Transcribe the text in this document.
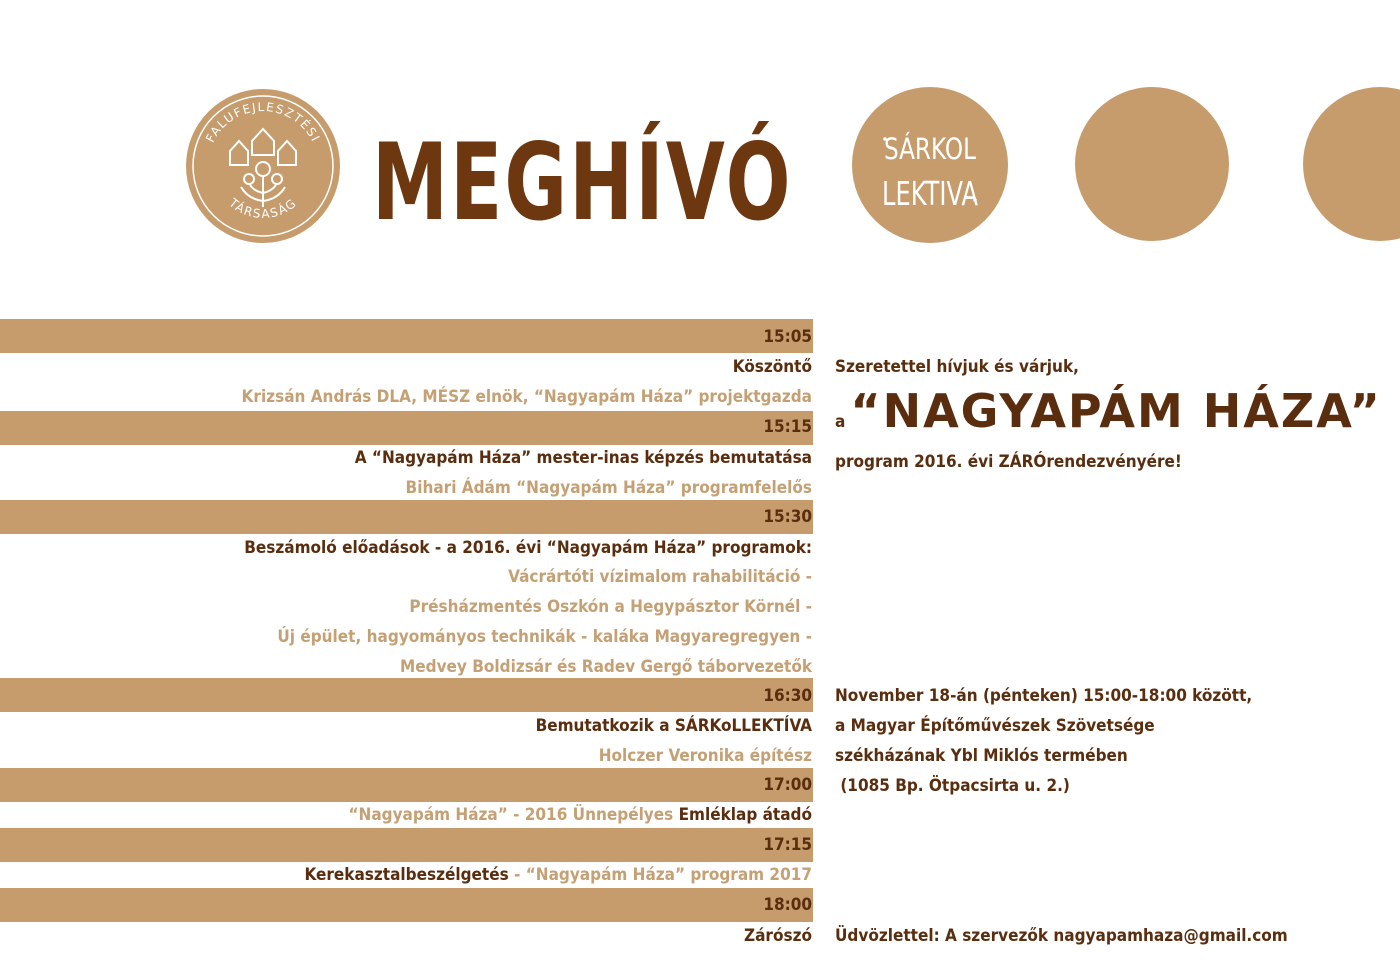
FALUFEJLESZTÉSI
TÁRSASÁG MEGHÍVÓ	SÁRKOL
LEKTIVA
15:05
Köszöntő
Krizsán András DLA, MÉSZ elnök, “Nagyapám Háza” projektgazda
15:15
A “Nagyapám Háza” mester-inas képzés bemutatása
Bihari Ádám “Nagyapám Háza” programfelelős
15:30
Beszámoló előadások - a 2016. évi “Nagyapám Háza” programok:
Vácrártóti vízimalom rahabilitáció -
Présházmentés Oszkón a Hegypásztor Körnél -
Új épület, hagyományos technikák - kaláka Magyaregregyen -
Medvey Boldizsár és Radev Gergő táborvezetők
16:30
Bemutatkozik a SÁRKoLLEKTÍVA
Holczer Veronika építész
17:00
“Nagyapám Háza” - 2016 Ünnepélyes
Emléklap átadó
17:15
Kerekasztalbeszélgetés
- “Nagyapám Háza” program 2017
18:00
Zárószó
Szeretettel hívjuk és várjuk,
a “NAGYAPÁM HÁZA”
program 2016. évi ZÁRÓrendezvényére!
November 18-án (pénteken) 15:00-18:00 között,
a Magyar Építőművészek Szövetsége
székházának Ybl Miklós termében
(1085 Bp. Ötpacsirta u. 2.)
Üdvözlettel: A szervezők nagyapamhaza@gmail.com
